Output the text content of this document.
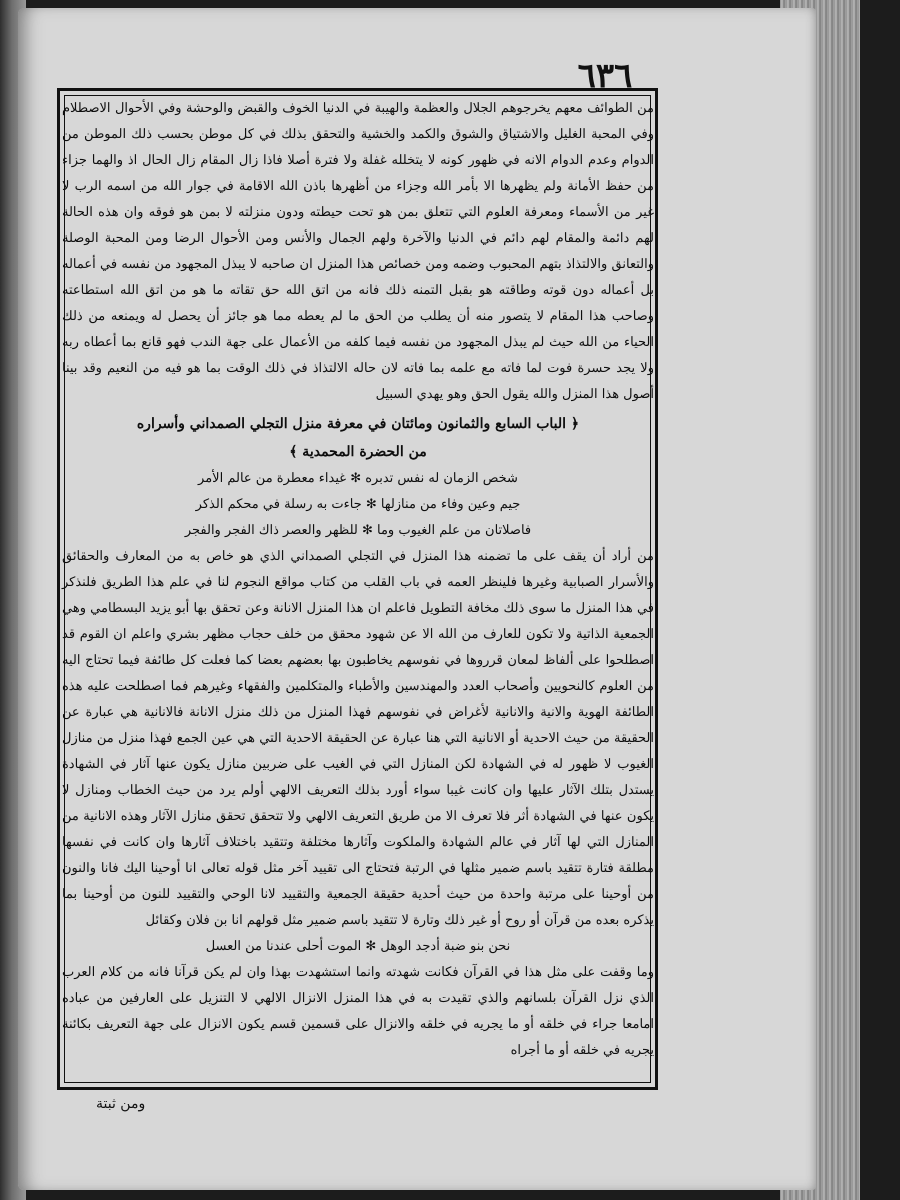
٦٣٦

من الطوائف معهم يخرجوهم الجلال والعظمة والهيبة في الدنيا الخوف والقبض والوحشة وفي الأحوال الاصطلام وفي المحبة الغليل والاشتياق والشوق والكمد والخشية والتحقق بذلك في كل موطن بحسب ذلك الموطن من الدوام وعدم الدوام الانه في ظهور كونه لا يتخلله غفلة ولا فترة أصلا فاذا زال المقام زال الحال اذ والهما جزاء من حفظ الأمانة ولم يظهرها الا بأمر الله وجزاء من أظهرها باذن الله الاقامة في جوار الله من اسمه الرب لا غير من الأسماء ومعرفة العلوم التي تتعلق بمن هو تحت حيطته ودون منزلته لا بمن هو فوقه وان هذه الحالة لهم دائمة والمقام لهم دائم في الدنيا والآخرة ولهم الجمال والأنس ومن الأحوال الرضا ومن المحبة الوصلة والتعانق والالتذاذ بتهم المحبوب وضمه ومن خصائص هذا المنزل ان صاحبه لا يبذل المجهود من نفسه في أعماله بل أعماله دون قوته وطاقته هو بقبل التمنه ذلك فانه من اتق الله حق تقاته ما هو من اتق الله استطاعته وصاحب هذا المقام لا يتصور منه أن يطلب من الحق ما لم يعطه مما هو جائز أن يحصل له ويمنعه من ذلك الحياء من الله حيث لم يبذل المجهود من نفسه فيما كلفه من الأعمال على جهة الندب فهو قانع بما أعطاه ربه ولا يجد حسرة فوت لما فاته مع علمه بما فاته لان حاله الالتذاذ في ذلك الوقت بما هو فيه من النعيم وقد بينا أصول هذا المنزل والله يقول الحق وهو يهدي السبيل

﴿ الباب السابع والثمانون ومائتان في معرفة منزل التجلي الصمداني وأسراره
من الحضرة المحمدية ﴾
شخص الزمان له نفس تدبره ✻ غيداء معطرة من عالم الأمر
جيم وعين وفاء من منازلها ✻ جاءت به رسلة في محكم الذكر
فاصلاتان من علم الغيوب وما ✻ للظهر والعصر ذاك الفجر والفجر

من أراد أن يقف على ما تضمنه هذا المنزل في التجلي الصمداني الذي هو خاص به من المعارف والحقائق والأسرار الصبابية وغيرها فلينظر العمه في باب القلب من كتاب مواقع النجوم لنا في علم هذا الطريق فلنذكر في هذا المنزل ما سوى ذلك مخافة التطويل فاعلم ان هذا المنزل الانانة وعن تحقق بها أبو يزيد البسطامي وهي الجمعية الذاتية ولا تكون للعارف من الله الا عن شهود محقق من خلف حجاب مظهر بشري واعلم ان القوم قد اصطلحوا على ألفاظ لمعان قرروها في نفوسهم يخاطبون بها بعضهم بعضا كما فعلت كل طائفة فيما تحتاج اليه من العلوم كالنحويين وأصحاب العدد والمهندسين والأطباء والمتكلمين والفقهاء وغيرهم فما اصطلحت عليه هذه الطائفة الهوية والانية والانانية لأغراض في نفوسهم فهذا المنزل من ذلك منزل الانانة فالانانية هي عبارة عن الحقيقة من حيث الاحدية أو الانانية التي هنا عبارة عن الحقيقة الاحدية التي هي عين الجمع فهذا منزل من منازل الغيوب لا ظهور له في الشهادة لكن المنازل التي في الغيب على ضربين منازل يكون عنها آثار في الشهادة يستدل بتلك الآثار عليها وان كانت غيبا سواء أورد بذلك التعريف الالهي أولم يرد من حيث الخطاب ومنازل لا يكون عنها في الشهادة أثر فلا تعرف الا من طريق التعريف الالهي ولا تتحقق تحقق منازل الآثار وهذه الانانية من المنازل التي لها آثار في عالم الشهادة والملكوت وآثارها مختلفة وتتقيد باختلاف آثارها وان كانت في نفسها مطلقة فتارة تتقيد باسم ضمير مثلها في الرتبة فتحتاج الى تقييد آخر مثل قوله تعالى انا أوحينا اليك فانا والنون من أوحينا على مرتبة واحدة من حيث أحدية حقيقة الجمعية والتقييد لانا الوحي والتقييد للنون من أوحينا بما يذكره بعده من قرآن أو روح أو غير ذلك وتارة لا تتقيد باسم ضمير مثل قولهم انا بن فلان وكقائل

نحن بنو ضبة أدجد الوهل ✻ الموت أحلى عندنا من العسل

وما وقفت على مثل هذا في القرآن فكانت شهدته وانما استشهدت بهذا وان لم يكن قرآنا فانه من كلام العرب الذي نزل القرآن بلسانهم والذي تقيدت به في هذا المنزل الانزال الالهي لا التنزيل على العارفين من عباده امامعا جراء في خلقه أو ما يجريه في خلقه والانزال على قسمين قسم يكون الانزال على جهة التعريف بكائنة يجريه في خلقه أو ما أجراه

ومن ثبتة
